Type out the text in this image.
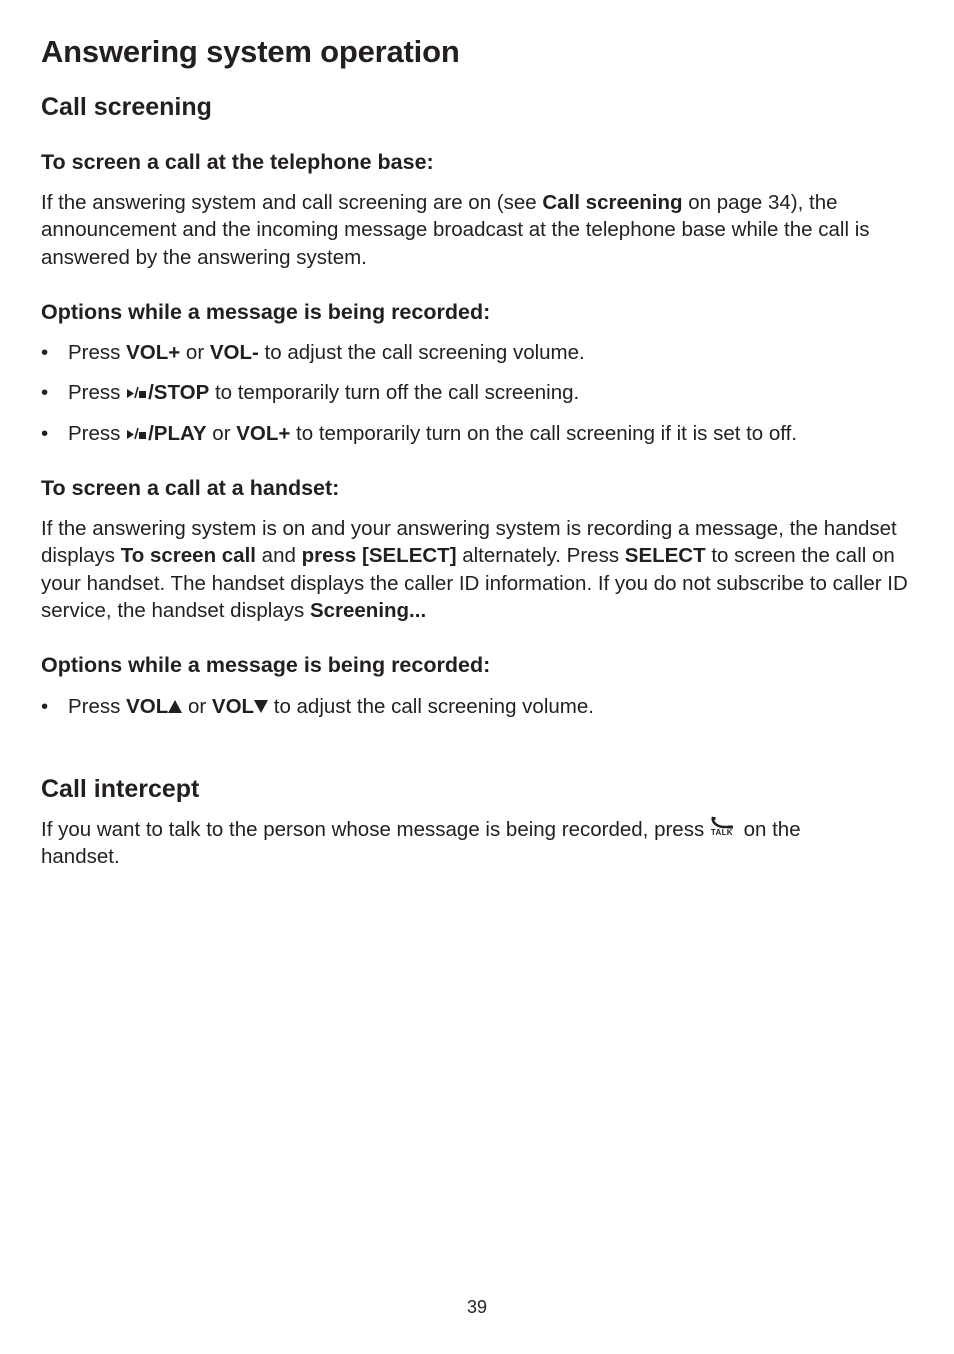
Answering system operation
Call screening
To screen a call at the telephone base:

If the answering system and call screening are on (see Call screening on page 34), the announcement and the incoming message broadcast at the telephone base while the call is answered by the answering system.

Options while a message is being recorded:
• Press VOL+ or VOL- to adjust the call screening volume.
• Press /STOP to temporarily turn off the call screening.
• Press /PLAY or VOL+ to temporarily turn on the call screening if it is set to off.
To screen a call at a handset:

If the answering system is on and your answering system is recording a message, the handset displays To screen call and press [SELECT] alternately. Press SELECT to screen the call on your handset. The handset displays the caller ID information. If you do not subscribe to caller ID service, the handset displays Screening...

Options while a message is being recorded:
• Press VOL or VOL to adjust the call screening volume.
Call intercept

If you want to talk to the person whose message is being recorded, press TALK on the handset.

39
